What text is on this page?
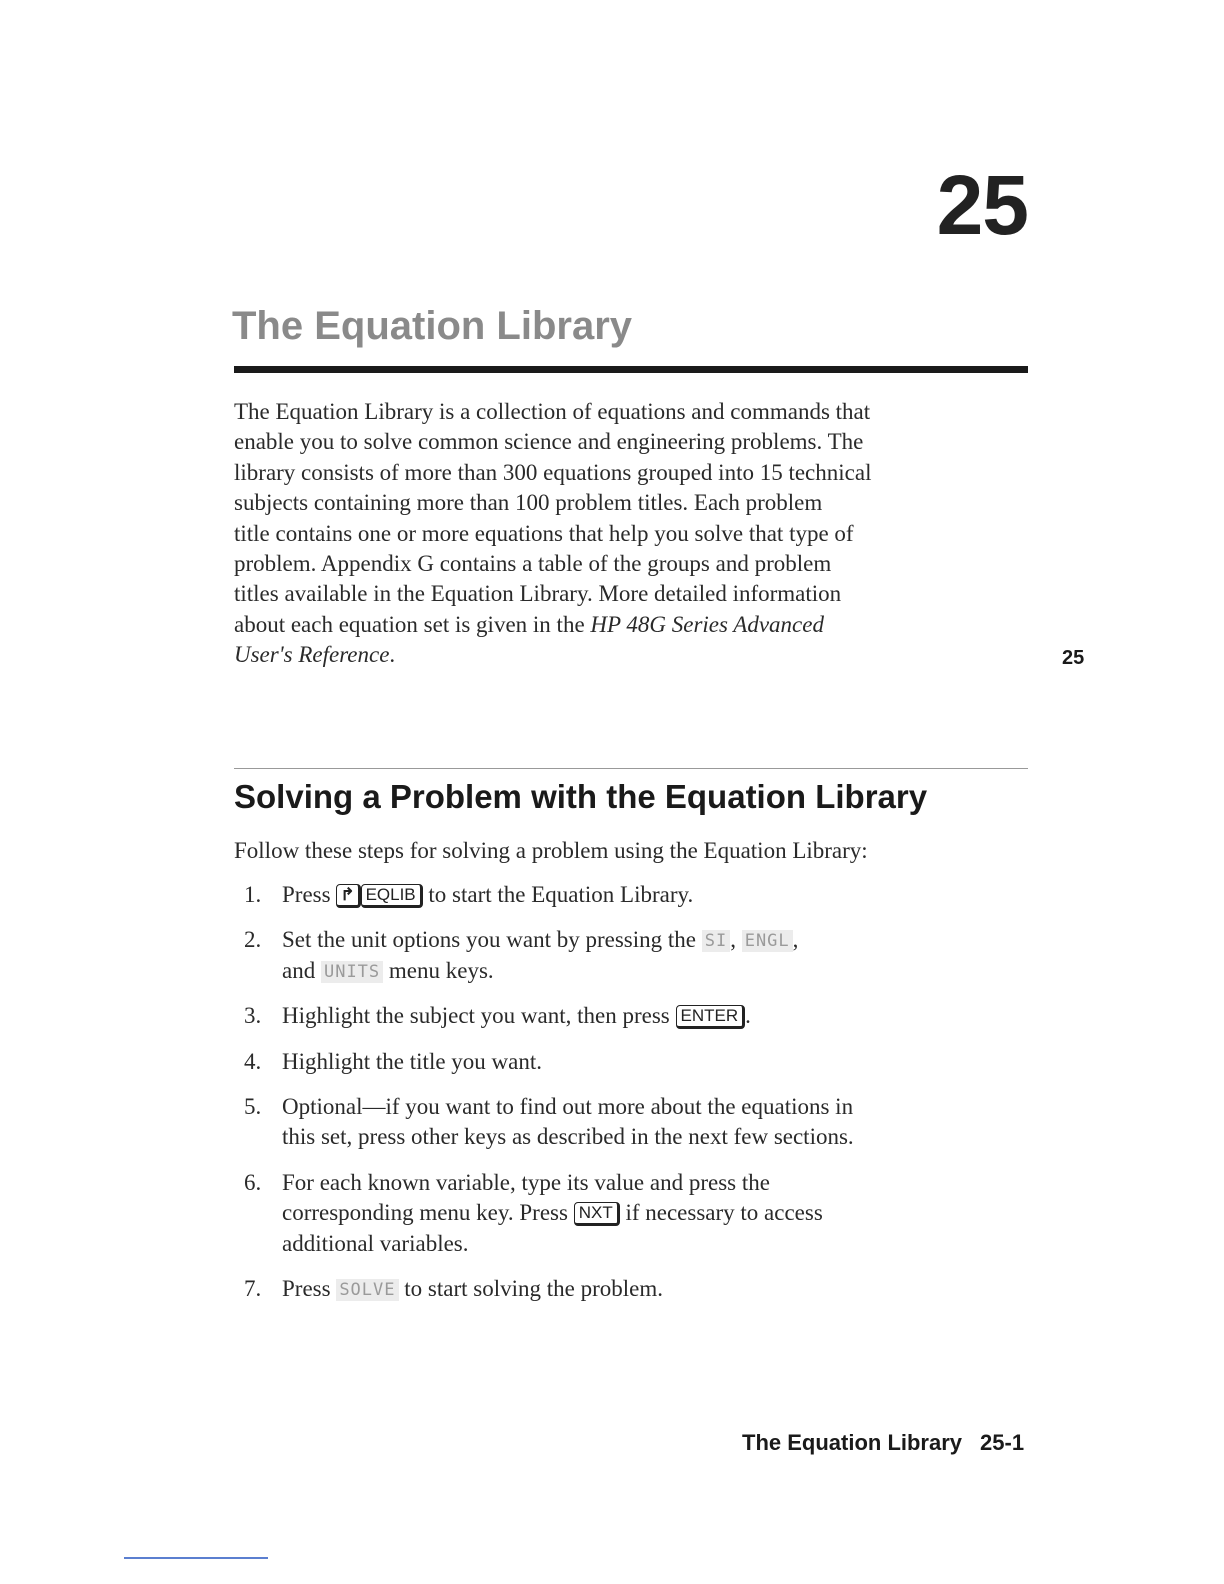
25
The Equation Library
The Equation Library is a collection of equations and commands that
enable you to solve common science and engineering problems. The
library consists of more than 300 equations grouped into 15 technical
subjects containing more than 100 problem titles. Each problem
title contains one or more equations that help you solve that type of
problem. Appendix G contains a table of the groups and problem
titles available in the Equation Library. More detailed information
about each equation set is given in the HP 48G Series Advanced
User's Reference.	25
Solving a Problem with the Equation Library
Follow these steps for solving a problem using the Equation Library:
1. Press ↱ EQLIB to start the Equation Library.
2. Set the unit options you want by pressing the SI , ENGL ,
and UNITS menu keys.
3. Highlight the subject you want, then press ENTER .
4. Highlight the title you want.
5. Optional—if you want to find out more about the equations in
this set, press other keys as described in the next few sections.
6. For each known variable, type its value and press the
corresponding menu key. Press NXT if necessary to access
additional variables.
7. Press SOLVE to start solving the problem.
The Equation Library 25-1
